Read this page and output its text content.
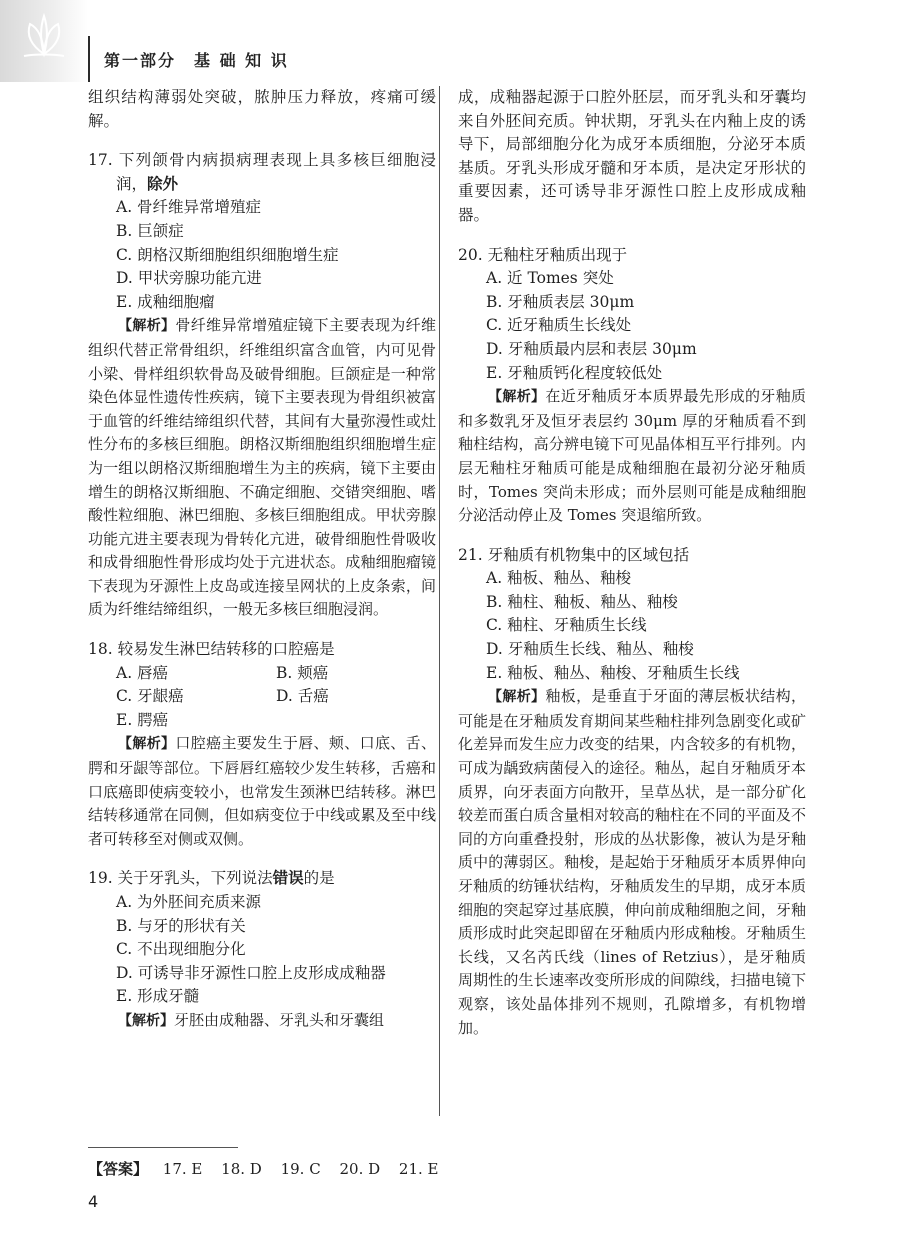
第一部分　基 础 知 识

组织结构薄弱处突破，脓肿压力释放，疼痛可缓解。

17. 下列颌骨内病损病理表现上具多核巨细胞浸润，除外
A. 骨纤维异常增殖症
B. 巨颌症
C. 朗格汉斯细胞组织细胞增生症
D. 甲状旁腺功能亢进
E. 成釉细胞瘤

【解析】骨纤维异常增殖症镜下主要表现为纤维组织代替正常骨组织，纤维组织富含血管，内可见骨小梁、骨样组织软骨岛及破骨细胞。巨颌症是一种常染色体显性遗传性疾病，镜下主要表现为骨组织被富于血管的纤维结缔组织代替，其间有大量弥漫性或灶性分布的多核巨细胞。朗格汉斯细胞组织细胞增生症为一组以朗格汉斯细胞增生为主的疾病，镜下主要由增生的朗格汉斯细胞、不确定细胞、交错突细胞、嗜酸性粒细胞、淋巴细胞、多核巨细胞组成。甲状旁腺功能亢进主要表现为骨转化亢进，破骨细胞性骨吸收和成骨细胞性骨形成均处于亢进状态。成釉细胞瘤镜下表现为牙源性上皮岛或连接呈网状的上皮条索，间质为纤维结缔组织，一般无多核巨细胞浸润。

18. 较易发生淋巴结转移的口腔癌是
A. 唇癌	B. 颊癌
C. 牙龈癌	D. 舌癌
E. 腭癌

【解析】口腔癌主要发生于唇、颊、口底、舌、腭和牙龈等部位。下唇唇红癌较少发生转移，舌癌和口底癌即使病变较小，也常发生颈淋巴结转移。淋巴结转移通常在同侧，但如病变位于中线或累及至中线者可转移至对侧或双侧。

19. 关于牙乳头，下列说法错误的是
A. 为外胚间充质来源
B. 与牙的形状有关
C. 不出现细胞分化
D. 可诱导非牙源性口腔上皮形成成釉器
E. 形成牙髓

【解析】牙胚由成釉器、牙乳头和牙囊组

成，成釉器起源于口腔外胚层，而牙乳头和牙囊均来自外胚间充质。钟状期，牙乳头在内釉上皮的诱导下，局部细胞分化为成牙本质细胞，分泌牙本质基质。牙乳头形成牙髓和牙本质，是决定牙形状的重要因素，还可诱导非牙源性口腔上皮形成成釉器。

20. 无釉柱牙釉质出现于
A. 近 Tomes 突处
B. 牙釉质表层 30μm
C. 近牙釉质生长线处
D. 牙釉质最内层和表层 30μm
E. 牙釉质钙化程度较低处

【解析】在近牙釉质牙本质界最先形成的牙釉质和多数乳牙及恒牙表层约 30μm 厚的牙釉质看不到釉柱结构，高分辨电镜下可见晶体相互平行排列。内层无釉柱牙釉质可能是成釉细胞在最初分泌牙釉质时，Tomes 突尚未形成；而外层则可能是成釉细胞分泌活动停止及 Tomes 突退缩所致。

21. 牙釉质有机物集中的区域包括
A. 釉板、釉丛、釉梭
B. 釉柱、釉板、釉丛、釉梭
C. 釉柱、牙釉质生长线
D. 牙釉质生长线、釉丛、釉梭
E. 釉板、釉丛、釉梭、牙釉质生长线

【解析】釉板，是垂直于牙面的薄层板状结构，可能是在牙釉质发育期间某些釉柱排列急剧变化或矿化差异而发生应力改变的结果，内含较多的有机物，可成为龋致病菌侵入的途径。釉丛，起自牙釉质牙本质界，向牙表面方向散开，呈草丛状，是一部分矿化较差而蛋白质含量相对较高的釉柱在不同的平面及不同的方向重叠投射，形成的丛状影像，被认为是牙釉质中的薄弱区。釉梭，是起始于牙釉质牙本质界伸向牙釉质的纺锤状结构，牙釉质发生的早期，成牙本质细胞的突起穿过基底膜，伸向前成釉细胞之间，牙釉质形成时此突起即留在牙釉质内形成釉梭。牙釉质生长线，又名芮氏线（lines of Retzius），是牙釉质周期性的生长速率改变所形成的间隙线，扫描电镜下观察，该处晶体排列不规则，孔隙增多，有机物增加。

【答案】 17. E 18. D 19. C 20. D 21. E
4
